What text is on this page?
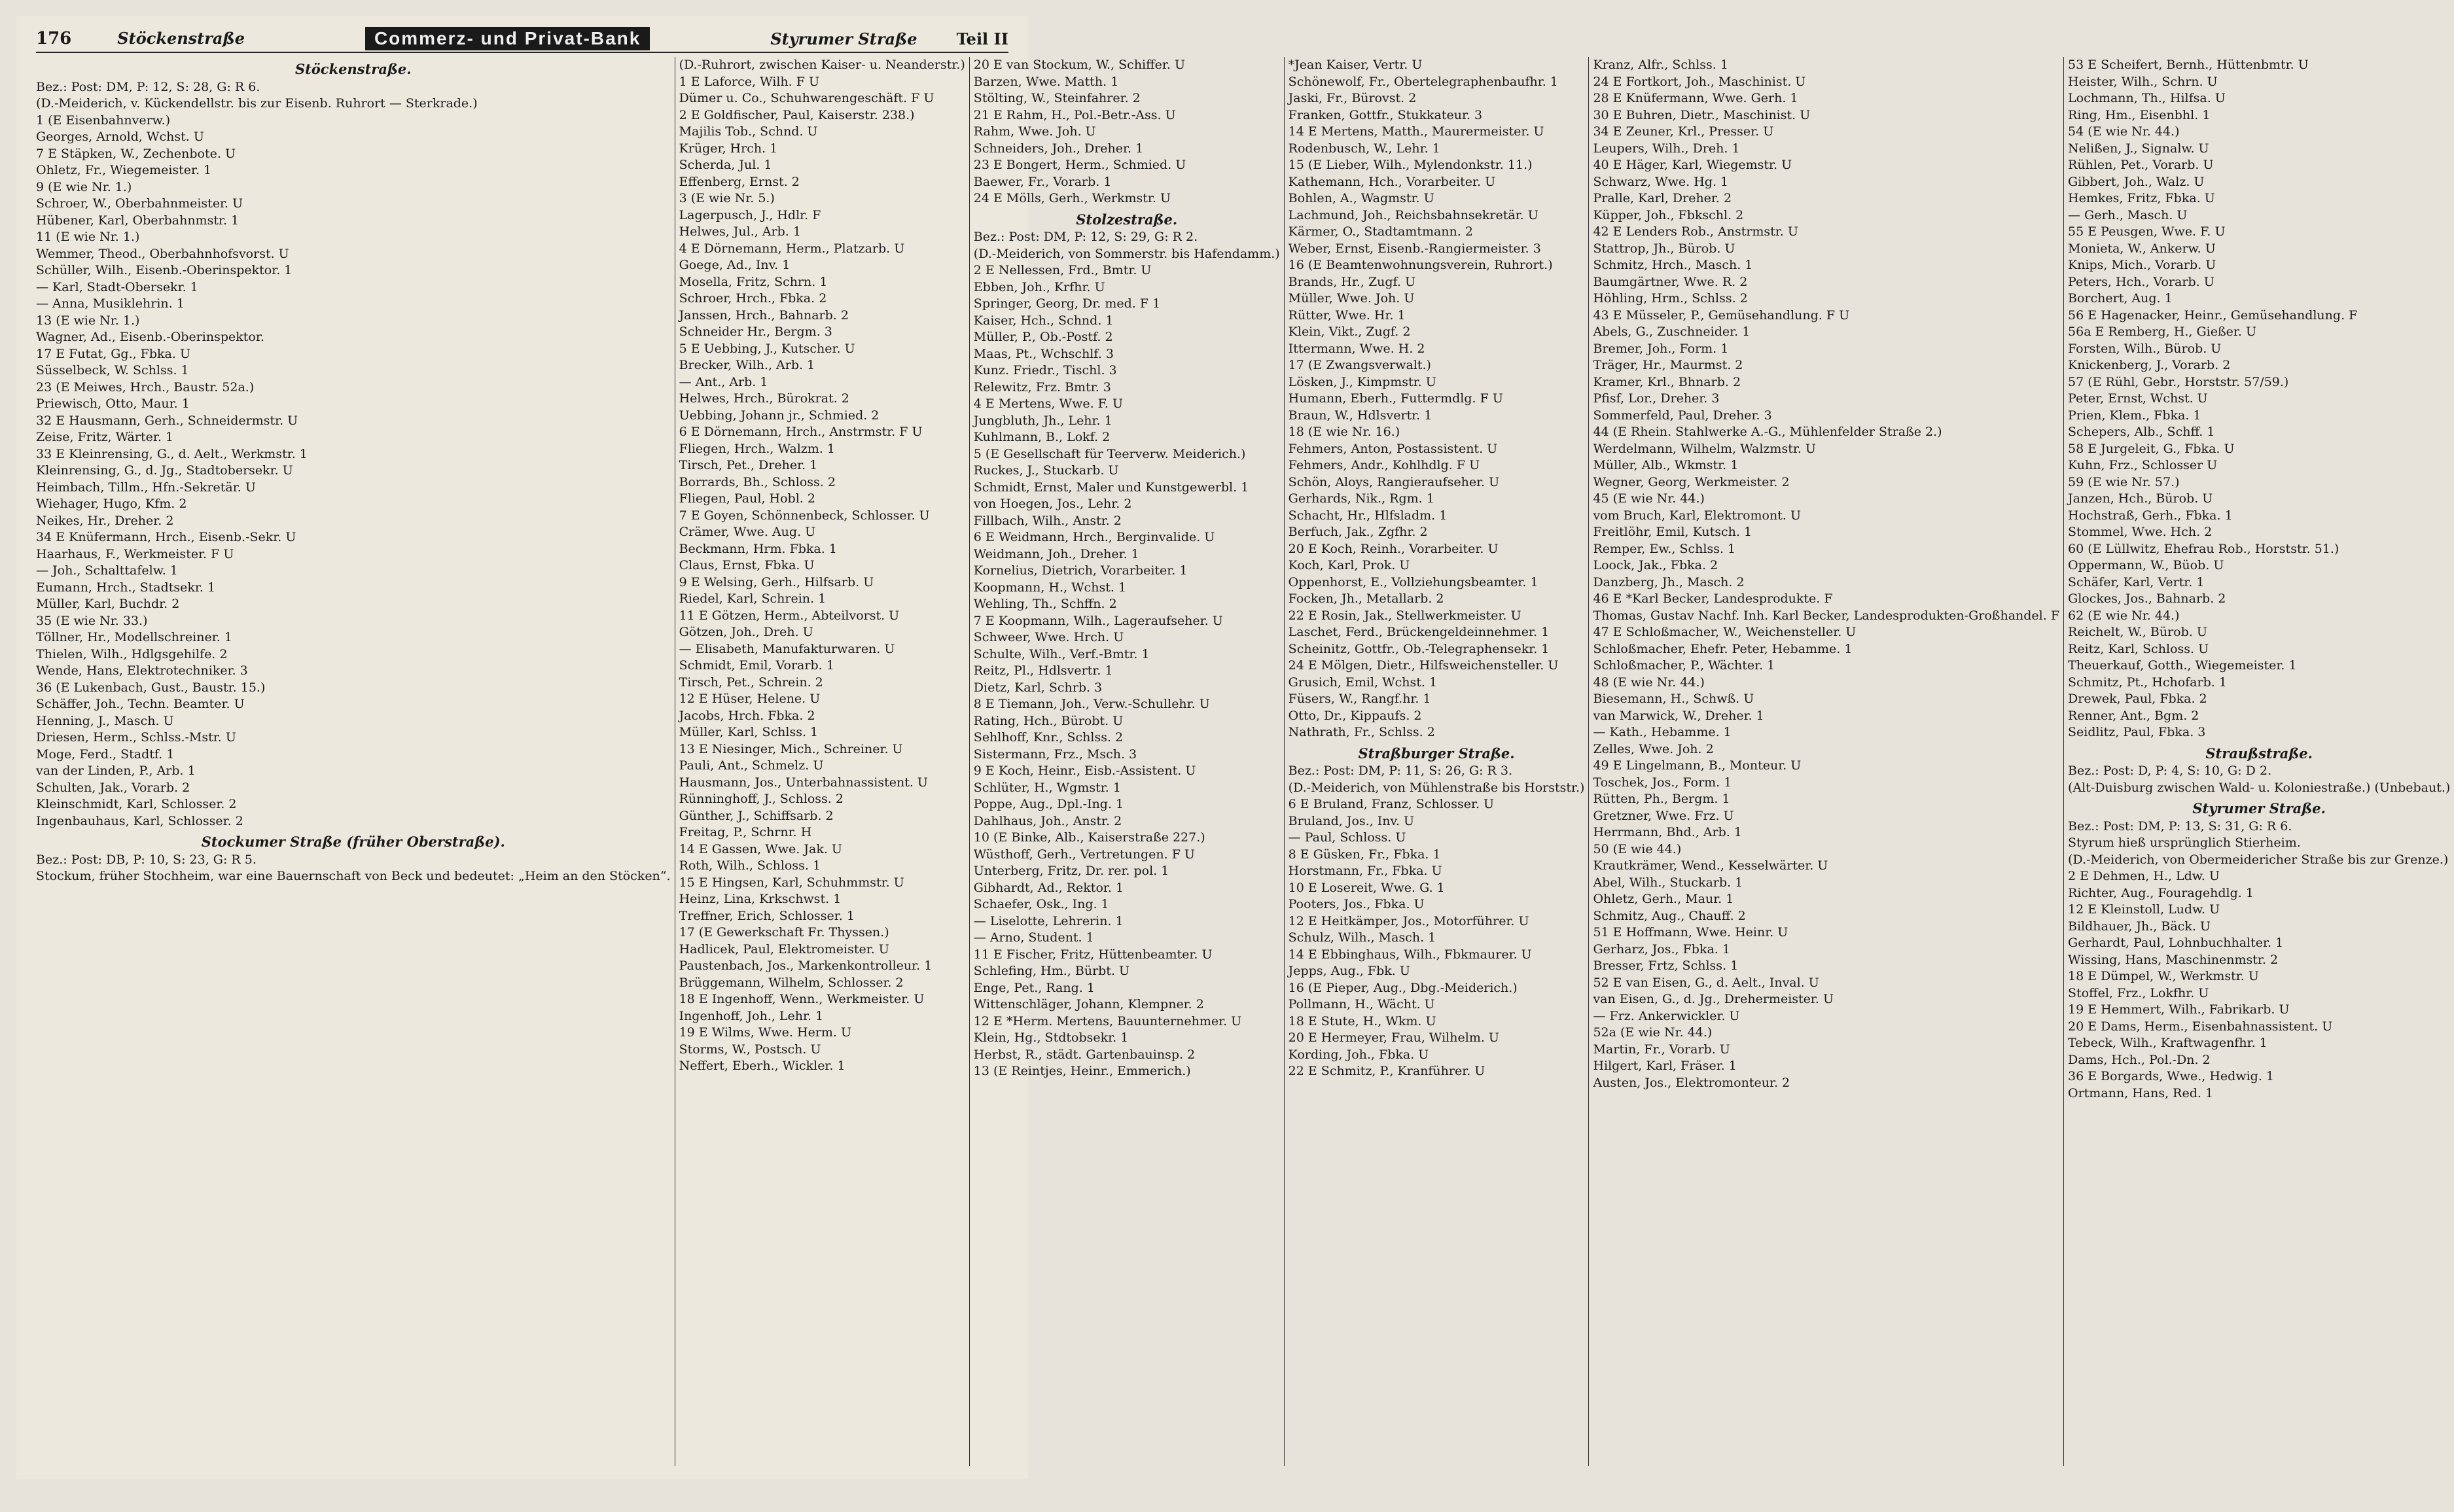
176	Stöckenstraße	Commerz- und Privat-Bank	Styrumer Straße	Teil II
Stöckenstraße.
Bez.: Post: DM, P: 12, S: 28, G: R 6.
(D.-Meiderich, v. Kückendellstr. bis zur Eisenb. Ruhrort — Sterkrade.)
1 (E Eisenbahnverw.)
Georges, Arnold, Wchst. U
7 E Stäpken, W., Zechenbote. U
Ohletz, Fr., Wiegemeister. 1
9 (E wie Nr. 1.)
Schroer, W., Oberbahnmeister. U
Hübener, Karl, Oberbahnmstr. 1
11 (E wie Nr. 1.)
Wemmer, Theod., Oberbahnhofsvorst. U
Schüller, Wilh., Eisenb.-Oberinspektor. 1
— Karl, Stadt-Obersekr. 1
— Anna, Musiklehrin. 1
13 (E wie Nr. 1.)
Wagner, Ad., Eisenb.-Oberinspektor.
17 E Futat, Gg., Fbka. U
Süsselbeck, W. Schlss. 1
23 (E Meiwes, Hrch., Baustr. 52a.)
Priewisch, Otto, Maur. 1
32 E Hausmann, Gerh., Schneidermstr. U
Zeise, Fritz, Wärter. 1
33 E Kleinrensing, G., d. Aelt., Werkmstr. 1
Kleinrensing, G., d. Jg., Stadtobersekr. U
Heimbach, Tillm., Hfn.-Sekretär. U
Wiehager, Hugo, Kfm. 2
Neikes, Hr., Dreher. 2
34 E Knüfermann, Hrch., Eisenb.-Sekr. U
Haarhaus, F., Werkmeister. F U
— Joh., Schalttafelw. 1
Eumann, Hrch., Stadtsekr. 1
Müller, Karl, Buchdr. 2
35 (E wie Nr. 33.)
Töllner, Hr., Modellschreiner. 1
Thielen, Wilh., Hdlgsgehilfe. 2
Wende, Hans, Elektrotechniker. 3
36 (E Lukenbach, Gust., Baustr. 15.)
Schäffer, Joh., Techn. Beamter. U
Henning, J., Masch. U
Driesen, Herm., Schlss.-Mstr. U
Moge, Ferd., Stadtf. 1
van der Linden, P., Arb. 1
Schulten, Jak., Vorarb. 2
Kleinschmidt, Karl, Schlosser. 2
Ingenbauhaus, Karl, Schlosser. 2
Stockumer Straße (früher Oberstraße).
Bez.: Post: DB, P: 10, S: 23, G: R 5.
Stockum, früher Stochheim, war eine Bauernschaft von Beck und bedeutet: „Heim an den Stöcken“.
(D.-Ruhrort, zwischen Kaiser- u. Neanderstr.)
1 E Laforce, Wilh. F U
Dümer u. Co., Schuhwarengeschäft. F U
2 E Goldfischer, Paul, Kaiserstr. 238.)
Majilis Tob., Schnd. U
Krüger, Hrch. 1
Scherda, Jul. 1
Effenberg, Ernst. 2
3 (E wie Nr. 5.)
Lagerpusch, J., Hdlr. F
Helwes, Jul., Arb. 1
4 E Dörnemann, Herm., Platzarb. U
Goege, Ad., Inv. 1
Mosella, Fritz, Schrn. 1
Schroer, Hrch., Fbka. 2
Janssen, Hrch., Bahnarb. 2
Schneider Hr., Bergm. 3
5 E Uebbing, J., Kutscher. U
Brecker, Wilh., Arb. 1
— Ant., Arb. 1
Helwes, Hrch., Bürokrat. 2
Uebbing, Johann jr., Schmied. 2
6 E Dörnemann, Hrch., Anstrmstr. F U
Fliegen, Hrch., Walzm. 1
Tirsch, Pet., Dreher. 1
Borrards, Bh., Schloss. 2
Fliegen, Paul, Hobl. 2
7 E Goyen, Schönnenbeck, Schlosser. U
Crämer, Wwe. Aug. U
Beckmann, Hrm. Fbka. 1
Claus, Ernst, Fbka. U
9 E Welsing, Gerh., Hilfsarb. U
Riedel, Karl, Schrein. 1
11 E Götzen, Herm., Abteilvorst. U
Götzen, Joh., Dreh. U
— Elisabeth, Manufakturwaren. U
Schmidt, Emil, Vorarb. 1
Tirsch, Pet., Schrein. 2
12 E Hüser, Helene. U
Jacobs, Hrch. Fbka. 2
Müller, Karl, Schlss. 1
13 E Niesinger, Mich., Schreiner. U
Pauli, Ant., Schmelz. U
Hausmann, Jos., Unterbahnassistent. U
Rünninghoff, J., Schloss. 2
Günther, J., Schiffsarb. 2
Freitag, P., Schrnr. H
14 E Gassen, Wwe. Jak. U
Roth, Wilh., Schloss. 1
15 E Hingsen, Karl, Schuhmmstr. U
Heinz, Lina, Krkschwst. 1
Treffner, Erich, Schlosser. 1
17 (E Gewerkschaft Fr. Thyssen.)
Hadlicek, Paul, Elektromeister. U
Paustenbach, Jos., Markenkontrolleur. 1
Brüggemann, Wilhelm, Schlosser. 2
18 E Ingenhoff, Wenn., Werkmeister. U
Ingenhoff, Joh., Lehr. 1
19 E Wilms, Wwe. Herm. U
Storms, W., Postsch. U
Neffert, Eberh., Wickler. 1
20 E van Stockum, W., Schiffer. U
Barzen, Wwe. Matth. 1
Stölting, W., Steinfahrer. 2
21 E Rahm, H., Pol.-Betr.-Ass. U
Rahm, Wwe. Joh. U
Schneiders, Joh., Dreher. 1
23 E Bongert, Herm., Schmied. U
Baewer, Fr., Vorarb. 1
24 E Mölls, Gerh., Werkmstr. U
Stolzestraße.
Bez.: Post: DM, P: 12, S: 29, G: R 2.
(D.-Meiderich, von Sommerstr. bis Hafendamm.)
2 E Nellessen, Frd., Bmtr. U
Ebben, Joh., Krfhr. U
Springer, Georg, Dr. med. F 1
Kaiser, Hch., Schnd. 1
Müller, P., Ob.-Postf. 2
Maas, Pt., Wchschlf. 3
Kunz. Friedr., Tischl. 3
Relewitz, Frz. Bmtr. 3
4 E Mertens, Wwe. F. U
Jungbluth, Jh., Lehr. 1
Kuhlmann, B., Lokf. 2
5 (E Gesellschaft für Teerverw. Meiderich.)
Ruckes, J., Stuckarb. U
Schmidt, Ernst, Maler und Kunstgewerbl. 1
von Hoegen, Jos., Lehr. 2
Fillbach, Wilh., Anstr. 2
6 E Weidmann, Hrch., Berginvalide. U
Weidmann, Joh., Dreher. 1
Kornelius, Dietrich, Vorarbeiter. 1
Koopmann, H., Wchst. 1
Wehling, Th., Schffn. 2
7 E Koopmann, Wilh., Lageraufseher. U
Schweer, Wwe. Hrch. U
Schulte, Wilh., Verf.-Bmtr. 1
Reitz, Pl., Hdlsvertr. 1
Dietz, Karl, Schrb. 3
8 E Tiemann, Joh., Verw.-Schullehr. U
Rating, Hch., Bürobt. U
Sehlhoff, Knr., Schlss. 2
Sistermann, Frz., Msch. 3
9 E Koch, Heinr., Eisb.-Assistent. U
Schlüter, H., Wgmstr. 1
Poppe, Aug., Dpl.-Ing. 1
Dahlhaus, Joh., Anstr. 2
10 (E Binke, Alb., Kaiserstraße 227.)
Wüsthoff, Gerh., Vertretungen. F U
Unterberg, Fritz, Dr. rer. pol. 1
Gibhardt, Ad., Rektor. 1
Schaefer, Osk., Ing. 1
— Liselotte, Lehrerin. 1
— Arno, Student. 1
11 E Fischer, Fritz, Hüttenbeamter. U
Schlefing, Hm., Bürbt. U
Enge, Pet., Rang. 1
Wittenschläger, Johann, Klempner. 2
12 E *Herm. Mertens, Bauunternehmer. U
Klein, Hg., Stdtobsekr. 1
Herbst, R., städt. Gartenbauinsp. 2
13 (E Reintjes, Heinr., Emmerich.)
*Jean Kaiser, Vertr. U
Schönewolf, Fr., Obertelegraphenbaufhr. 1
Jaski, Fr., Bürovst. 2
Franken, Gottfr., Stukkateur. 3
14 E Mertens, Matth., Maurermeister. U
Rodenbusch, W., Lehr. 1
15 (E Lieber, Wilh., Mylendonkstr. 11.)
Kathemann, Hch., Vorarbeiter. U
Bohlen, A., Wagmstr. U
Lachmund, Joh., Reichsbahnsekretär. U
Kärmer, O., Stadtamtmann. 2
Weber, Ernst, Eisenb.-Rangiermeister. 3
16 (E Beamtenwohnungsverein, Ruhrort.)
Brands, Hr., Zugf. U
Müller, Wwe. Joh. U
Rütter, Wwe. Hr. 1
Klein, Vikt., Zugf. 2
Ittermann, Wwe. H. 2
17 (E Zwangsverwalt.)
Lösken, J., Kimpmstr. U
Humann, Eberh., Futtermdlg. F U
Braun, W., Hdlsvertr. 1
18 (E wie Nr. 16.)
Fehmers, Anton, Postassistent. U
Fehmers, Andr., Kohlhdlg. F U
Schön, Aloys, Rangieraufseher. U
Gerhards, Nik., Rgm. 1
Schacht, Hr., Hlfsladm. 1
Berfuch, Jak., Zgfhr. 2
20 E Koch, Reinh., Vorarbeiter. U
Koch, Karl, Prok. U
Oppenhorst, E., Vollziehungsbeamter. 1
Focken, Jh., Metallarb. 2
22 E Rosin, Jak., Stellwerkmeister. U
Laschet, Ferd., Brückengeldeinnehmer. 1
Scheinitz, Gottfr., Ob.-Telegraphensekr. 1
24 E Mölgen, Dietr., Hilfsweichensteller. U
Grusich, Emil, Wchst. 1
Füsers, W., Rangf.hr. 1
Otto, Dr., Kippaufs. 2
Nathrath, Fr., Schlss. 2
Straßburger Straße.
Bez.: Post: DM, P: 11, S: 26, G: R 3.
(D.-Meiderich, von Mühlenstraße bis Horststr.)
6 E Bruland, Franz, Schlosser. U
Bruland, Jos., Inv. U
— Paul, Schloss. U
8 E Güsken, Fr., Fbka. 1
Horstmann, Fr., Fbka. U
10 E Losereit, Wwe. G. 1
Pooters, Jos., Fbka. U
12 E Heitkämper, Jos., Motorführer. U
Schulz, Wilh., Masch. 1
14 E Ebbinghaus, Wilh., Fbkmaurer. U
Jepps, Aug., Fbk. U
16 (E Pieper, Aug., Dbg.-Meiderich.)
Pollmann, H., Wächt. U
18 E Stute, H., Wkm. U
20 E Hermeyer, Frau, Wilhelm. U
Kording, Joh., Fbka. U
22 E Schmitz, P., Kranführer. U
Kranz, Alfr., Schlss. 1
24 E Fortkort, Joh., Maschinist. U
28 E Knüfermann, Wwe. Gerh. 1
30 E Buhren, Dietr., Maschinist. U
34 E Zeuner, Krl., Presser. U
Leupers, Wilh., Dreh. 1
40 E Häger, Karl, Wiegemstr. U
Schwarz, Wwe. Hg. 1
Pralle, Karl, Dreher. 2
Küpper, Joh., Fbkschl. 2
42 E Lenders Rob., Anstrmstr. U
Stattrop, Jh., Bürob. U
Schmitz, Hrch., Masch. 1
Baumgärtner, Wwe. R. 2
Höhling, Hrm., Schlss. 2
43 E Müsseler, P., Gemüsehandlung. F U
Abels, G., Zuschneider. 1
Bremer, Joh., Form. 1
Träger, Hr., Maurmst. 2
Kramer, Krl., Bhnarb. 2
Pfisf, Lor., Dreher. 3
Sommerfeld, Paul, Dreher. 3
44 (E Rhein. Stahlwerke A.-G., Mühlenfelder Straße 2.)
Werdelmann, Wilhelm, Walzmstr. U
Müller, Alb., Wkmstr. 1
Wegner, Georg, Werkmeister. 2
45 (E wie Nr. 44.)
vom Bruch, Karl, Elektromont. U
Freitlöhr, Emil, Kutsch. 1
Remper, Ew., Schlss. 1
Loock, Jak., Fbka. 2
Danzberg, Jh., Masch. 2
46 E *Karl Becker, Landesprodukte. F
Thomas, Gustav Nachf. Inh. Karl Becker, Landesprodukten-Großhandel. F
47 E Schloßmacher, W., Weichensteller. U
Schloßmacher, Ehefr. Peter, Hebamme. 1
Schloßmacher, P., Wächter. 1
48 (E wie Nr. 44.)
Biesemann, H., Schwß. U
van Marwick, W., Dreher. 1
— Kath., Hebamme. 1
Zelles, Wwe. Joh. 2
49 E Lingelmann, B., Monteur. U
Toschek, Jos., Form. 1
Rütten, Ph., Bergm. 1
Gretzner, Wwe. Frz. U
Herrmann, Bhd., Arb. 1
50 (E wie 44.)
Krautkrämer, Wend., Kesselwärter. U
Abel, Wilh., Stuckarb. 1
Ohletz, Gerh., Maur. 1
Schmitz, Aug., Chauff. 2
51 E Hoffmann, Wwe. Heinr. U
Gerharz, Jos., Fbka. 1
Bresser, Frtz, Schlss. 1
52 E van Eisen, G., d. Aelt., Inval. U
van Eisen, G., d. Jg., Drehermeister. U
— Frz. Ankerwickler. U
52a (E wie Nr. 44.)
Martin, Fr., Vorarb. U
Hilgert, Karl, Fräser. 1
Austen, Jos., Elektromonteur. 2
53 E Scheifert, Bernh., Hüttenbmtr. U
Heister, Wilh., Schrn. U
Lochmann, Th., Hilfsa. U
Ring, Hm., Eisenbhl. 1
54 (E wie Nr. 44.)
Nelißen, J., Signalw. U
Rühlen, Pet., Vorarb. U
Gibbert, Joh., Walz. U
Hemkes, Fritz, Fbka. U
— Gerh., Masch. U
55 E Peusgen, Wwe. F. U
Monieta, W., Ankerw. U
Knips, Mich., Vorarb. U
Peters, Hch., Vorarb. U
Borchert, Aug. 1
56 E Hagenacker, Heinr., Gemüsehandlung. F
56a E Remberg, H., Gießer. U
Forsten, Wilh., Bürob. U
Knickenberg, J., Vorarb. 2
57 (E Rühl, Gebr., Horststr. 57/59.)
Peter, Ernst, Wchst. U
Prien, Klem., Fbka. 1
Schepers, Alb., Schff. 1
58 E Jurgeleit, G., Fbka. U
Kuhn, Frz., Schlosser U
59 (E wie Nr. 57.)
Janzen, Hch., Bürob. U
Hochstraß, Gerh., Fbka. 1
Stommel, Wwe. Hch. 2
60 (E Lüllwitz, Ehefrau Rob., Horststr. 51.)
Oppermann, W., Büob. U
Schäfer, Karl, Vertr. 1
Glockes, Jos., Bahnarb. 2
62 (E wie Nr. 44.)
Reichelt, W., Bürob. U
Reitz, Karl, Schloss. U
Theuerkauf, Gotth., Wiegemeister. 1
Schmitz, Pt., Hchofarb. 1
Drewek, Paul, Fbka. 2
Renner, Ant., Bgm. 2
Seidlitz, Paul, Fbka. 3
Straußstraße.
Bez.: Post: D, P: 4, S: 10, G: D 2.
(Alt-Duisburg zwischen Wald- u. Koloniestraße.) (Unbebaut.)
Styrumer Straße.
Bez.: Post: DM, P: 13, S: 31, G: R 6.
Styrum hieß ursprünglich Stierheim.
(D.-Meiderich, von Obermeidericher Straße bis zur Grenze.)
2 E Dehmen, H., Ldw. U
Richter, Aug., Fouragehdlg. 1
12 E Kleinstoll, Ludw. U
Bildhauer, Jh., Bäck. U
Gerhardt, Paul, Lohnbuchhalter. 1
Wissing, Hans, Maschinenmstr. 2
18 E Dümpel, W., Werkmstr. U
Stoffel, Frz., Lokfhr. U
19 E Hemmert, Wilh., Fabrikarb. U
20 E Dams, Herm., Eisenbahnassistent. U
Tebeck, Wilh., Kraftwagenfhr. 1
Dams, Hch., Pol.-Dn. 2
36 E Borgards, Wwe., Hedwig. 1
Ortmann, Hans, Red. 1
